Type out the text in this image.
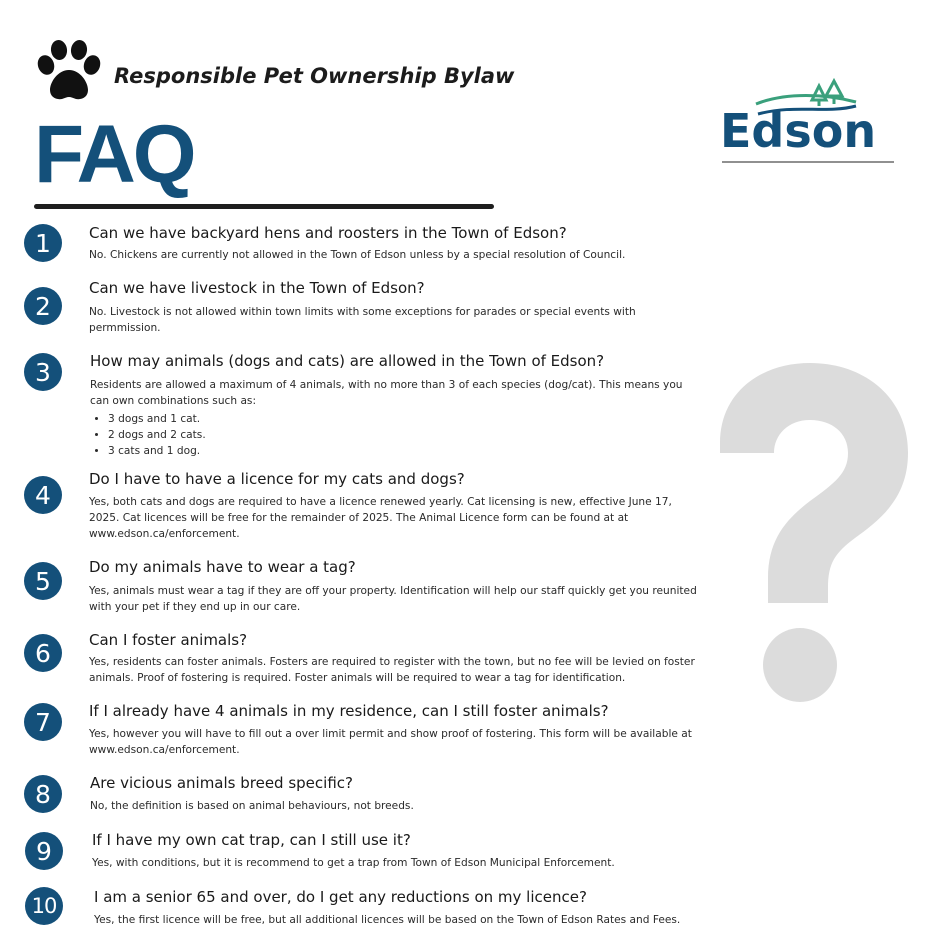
Responsible Pet Ownership Bylaw
FAQ	Edson
1	Can we have backyard hens and roosters in the Town of Edson?
No. Chickens are currently not allowed in the Town of Edson unless by a special resolution of Council.
2
Can we have livestock in the Town of Edson?
No. Livestock is not allowed within town limits with some exceptions for parades or special events with permmission.
3	How may animals (dogs and cats) are allowed in the Town of Edson?
Residents are allowed a maximum of 4 animals, with no more than 3 of each species (dog/cat). This means you can own combinations such as:
• 3 dogs and 1 cat.
• 2 dogs and 2 cats.
• 3 cats and 1 dog.
4
Do I have to have a licence for my cats and dogs?
Yes, both cats and dogs are required to have a licence renewed yearly. Cat licensing is new, effective June 17, 2025. Cat licences will be free for the remainder of 2025. The Animal Licence form can be found at at www.edson.ca/enforcement.
5	Do my animals have to wear a tag?
Yes, animals must wear a tag if they are off your property. Identification will help our staff quickly get you reunited with your pet if they end up in our care.
6	Can I foster animals?
Yes, residents can foster animals. Fosters are required to register with the town, but no fee will be levied on foster animals. Proof of fostering is required. Foster animals will be required to wear a tag for identification.
7	If I already have 4 animals in my residence, can I still foster animals?
Yes, however you will have to fill out a over limit permit and show proof of fostering. This form will be available at www.edson.ca/enforcement.
8	Are vicious animals breed specific?
No, the definition is based on animal behaviours, not breeds.
9	If I have my own cat trap, can I still use it?
Yes, with conditions, but it is recommend to get a trap from Town of Edson Municipal Enforcement.
10	I am a senior 65 and over, do I get any reductions on my licence?
Yes, the first licence will be free, but all additional licences will be based on the Town of Edson Rates and Fees.
